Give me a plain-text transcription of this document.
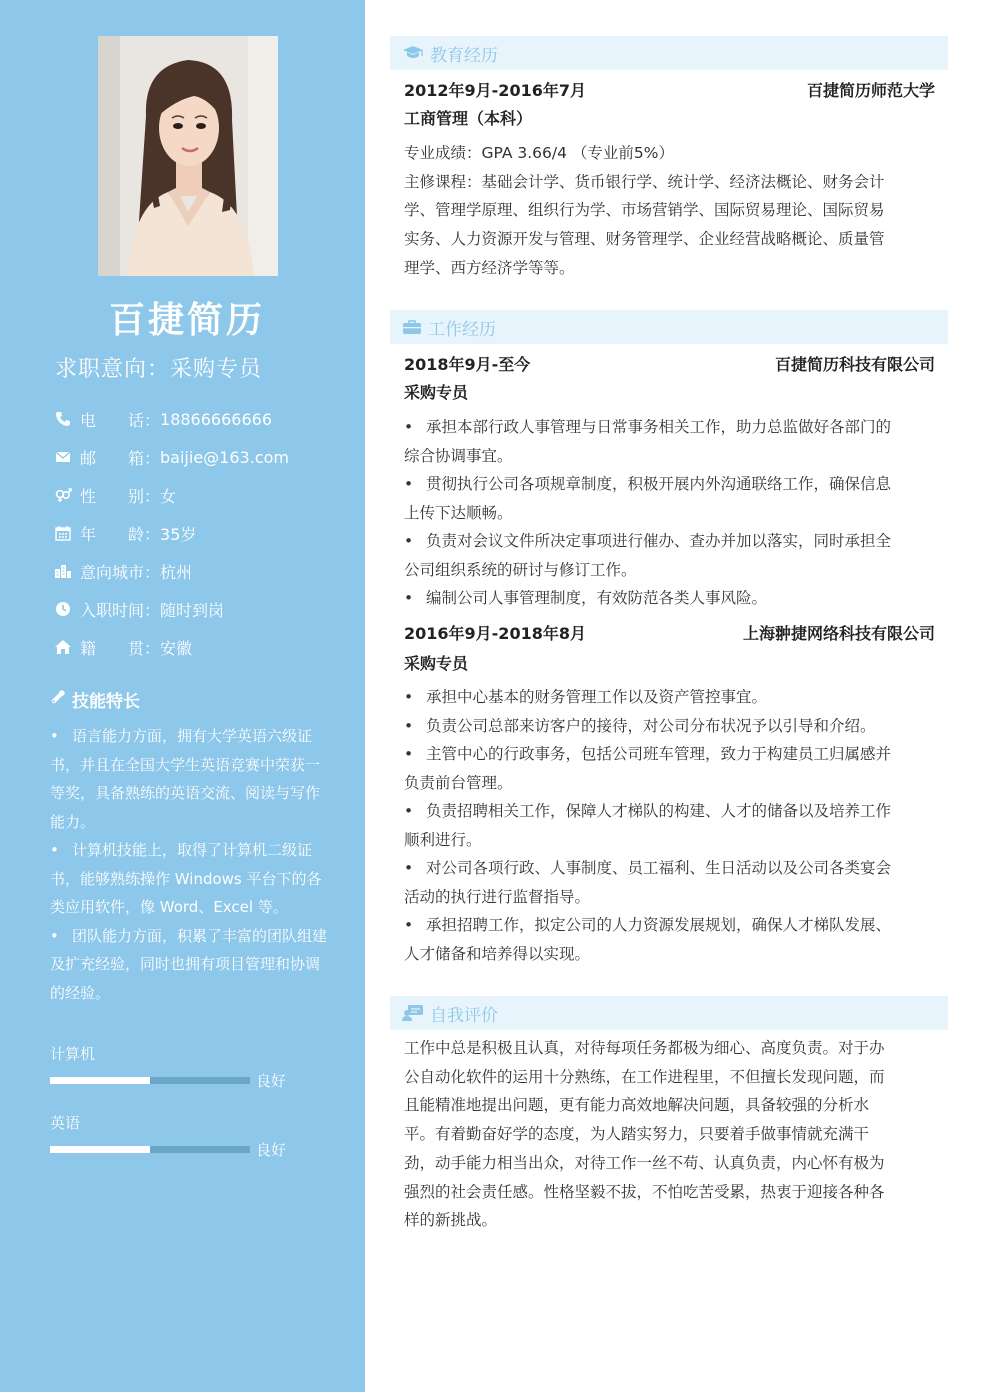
百捷简历
求职意向：采购专员
电　　话： 18866666666
邮　　箱： baijie@163.com
性　　别： 女
年　　龄： 35岁
意向城市： 杭州
入职时间： 随时到岗
籍　　贯： 安徽
技能特长
• 语言能力方面，拥有大学英语六级证书，并且在全国大学生英语竞赛中荣获一等奖，具备熟练的英语交流、阅读与写作能力。
• 计算机技能上，取得了计算机二级证书，能够熟练操作 Windows 平台下的各类应用软件，像 Word、Excel 等。
• 团队能力方面，积累了丰富的团队组建及扩充经验，同时也拥有项目管理和协调的经验。
计算机
良好
英语
良好
教育经历
2012年9月-2016年7月	百捷简历师范大学
工商管理（本科）
专业成绩：GPA 3.66/4 （专业前5%）
主修课程：基础会计学、货币银行学、统计学、经济法概论、财务会计
学、管理学原理、组织行为学、市场营销学、国际贸易理论、国际贸易
实务、人力资源开发与管理、财务管理学、企业经营战略概论、质量管
理学、西方经济学等等。
工作经历
2018年9月-至今	百捷简历科技有限公司
采购专员
• 承担本部行政人事管理与日常事务相关工作，助力总监做好各部门的
综合协调事宜。
• 贯彻执行公司各项规章制度，积极开展内外沟通联络工作，确保信息
上传下达顺畅。
• 负责对会议文件所决定事项进行催办、查办并加以落实，同时承担全
公司组织系统的研讨与修订工作。
• 编制公司人事管理制度，有效防范各类人事风险。
2016年9月-2018年8月	上海翀捷网络科技有限公司
采购专员
• 承担中心基本的财务管理工作以及资产管控事宜。
• 负责公司总部来访客户的接待，对公司分布状况予以引导和介绍。
• 主管中心的行政事务，包括公司班车管理，致力于构建员工归属感并
负责前台管理。
• 负责招聘相关工作，保障人才梯队的构建、人才的储备以及培养工作
顺利进行。
• 对公司各项行政、人事制度、员工福利、生日活动以及公司各类宴会
活动的执行进行监督指导。
• 承担招聘工作，拟定公司的人力资源发展规划，确保人才梯队发展、
人才储备和培养得以实现。
自我评价
工作中总是积极且认真，对待每项任务都极为细心、高度负责。对于办
公自动化软件的运用十分熟练，在工作进程里，不但擅长发现问题，而
且能精准地提出问题，更有能力高效地解决问题，具备较强的分析水
平。有着勤奋好学的态度，为人踏实努力，只要着手做事情就充满干
劲，动手能力相当出众，对待工作一丝不苟、认真负责，内心怀有极为
强烈的社会责任感。性格坚毅不拔，不怕吃苦受累，热衷于迎接各种各
样的新挑战。
